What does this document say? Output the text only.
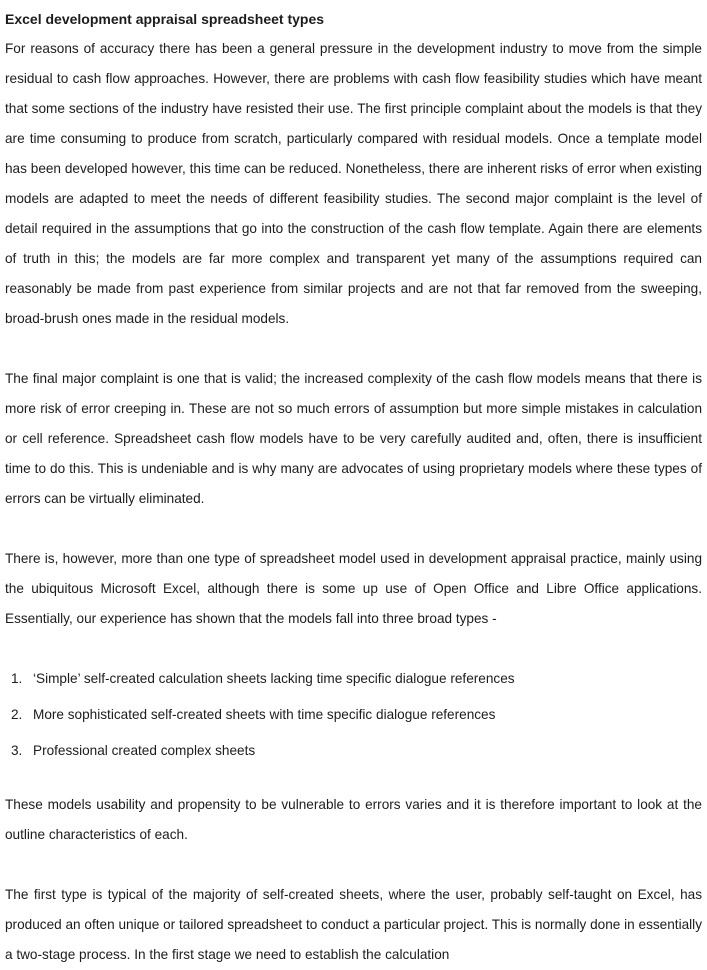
Excel development appraisal spreadsheet types

For reasons of accuracy there has been a general pressure in the development industry to move from the simple residual to cash flow approaches. However, there are problems with cash flow feasibility studies which have meant that some sections of the industry have resisted their use. The first principle complaint about the models is that they are time consuming to produce from scratch, particularly compared with residual models. Once a template model has been developed however, this time can be reduced. Nonetheless, there are inherent risks of error when existing models are adapted to meet the needs of different feasibility studies. The second major complaint is the level of detail required in the assumptions that go into the construction of the cash flow template. Again there are elements of truth in this; the models are far more complex and transparent yet many of the assumptions required can reasonably be made from past experience from similar projects and are not that far removed from the sweeping, broad-brush ones made in the residual models.

The final major complaint is one that is valid; the increased complexity of the cash flow models means that there is more risk of error creeping in. These are not so much errors of assumption but more simple mistakes in calculation or cell reference. Spreadsheet cash flow models have to be very carefully audited and, often, there is insufficient time to do this. This is undeniable and is why many are advocates of using proprietary models where these types of errors can be virtually eliminated.

There is, however, more than one type of spreadsheet model used in development appraisal practice, mainly using the ubiquitous Microsoft Excel, although there is some up use of Open Office and Libre Office applications. Essentially, our experience has shown that the models fall into three broad types -

1. ‘Simple’ self-created calculation sheets lacking time specific dialogue references
2. More sophisticated self-created sheets with time specific dialogue references
3. Professional created complex sheets

These models usability and propensity to be vulnerable to errors varies and it is therefore important to look at the outline characteristics of each.

The first type is typical of the majority of self-created sheets, where the user, probably self-taught on Excel, has produced an often unique or tailored spreadsheet to conduct a particular project. This is normally done in essentially a two-stage process. In the first stage we need to establish the calculation
